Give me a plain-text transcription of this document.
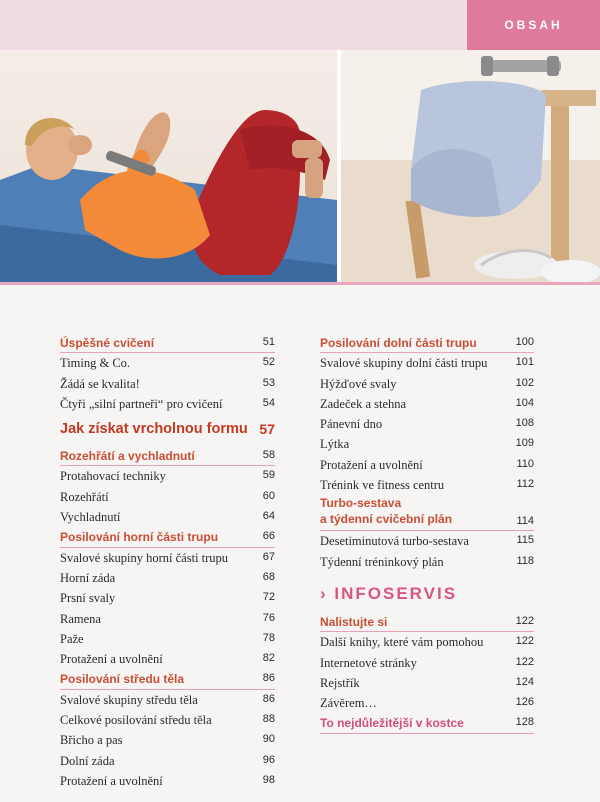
OBSAH
Úspěšné cvičení	51
Timing & Co.	52
Žádá se kvalita!	53
Čtyři „silní partneři“ pro cvičení	54
Jak získat vrcholnou formu 57
Rozehřátí a vychladnutí	58
Protahovací techniky	59
Rozehřátí	60
Vychladnutí	64
Posilování horní části trupu	66
Svalové skupiny horní části trupu	67
Horní záda	68
Prsní svaly	72
Ramena	76
Paže	78
Protažení a uvolnění	82
Posilování středu těla	86
Svalové skupiny středu těla	86
Celkové posilování středu těla	88
Břicho a pas	90
Dolní záda	96
Protažení a uvolnění	98
Posilování dolní části trupu	100
Svalové skupiny dolní části trupu	101
Hýžďové svaly	102
Zadeček a stehna	104
Pánevní dno	108
Lýtka	109
Protažení a uvolnění	110
Trénink ve fitness centru	112
Turbo-sestava
a týdenní cvičební plán	114
Desetiminutová turbo-sestava	115
Týdenní tréninkový plán	118
› INFOSERVIS
Nalistujte si	122
Další knihy, které vám pomohou	122
Internetové stránky	122
Rejstřík	124
Závěrem…	126
To nejdůležitější v kostce	128
